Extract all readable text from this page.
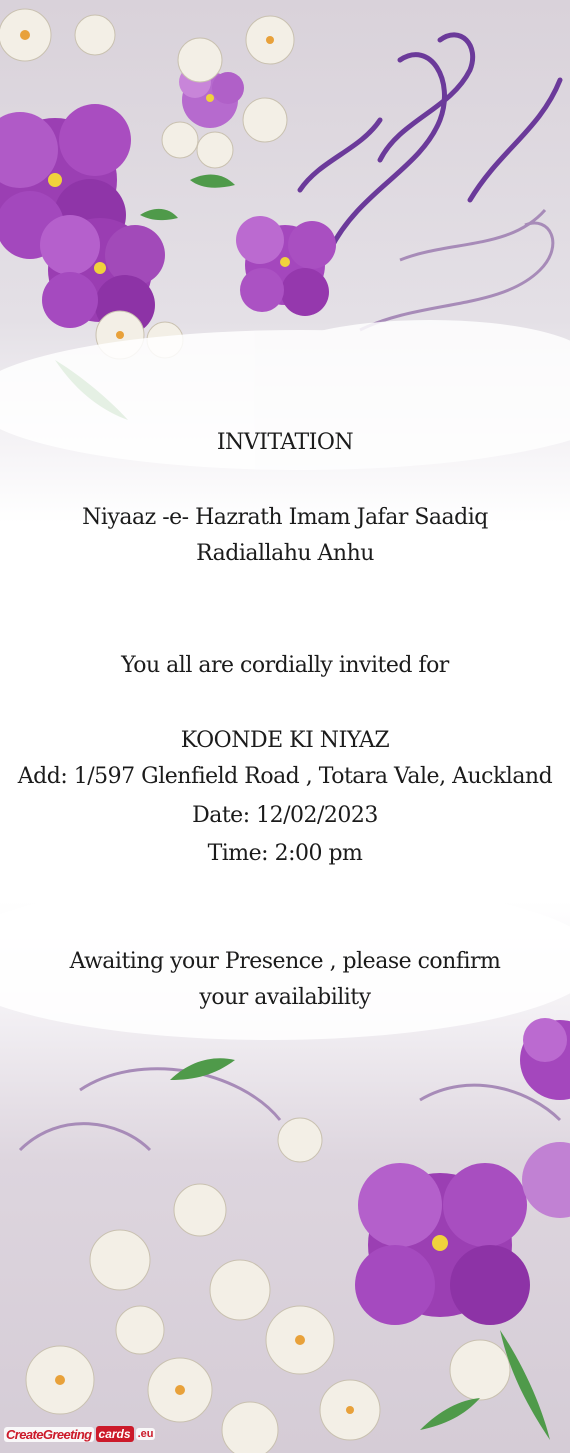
INVITATION
Niyaaz -e- Hazrath Imam Jafar Saadiq Radiallahu Anhu
You all are cordially invited for
KOONDE KI NIYAZ
Add: 1/597 Glenfield Road , Totara Vale, Auckland
Date: 12/02/2023
Time: 2:00 pm
Awaiting your Presence , please confirm your availability
CreateGreeting cards .eu
